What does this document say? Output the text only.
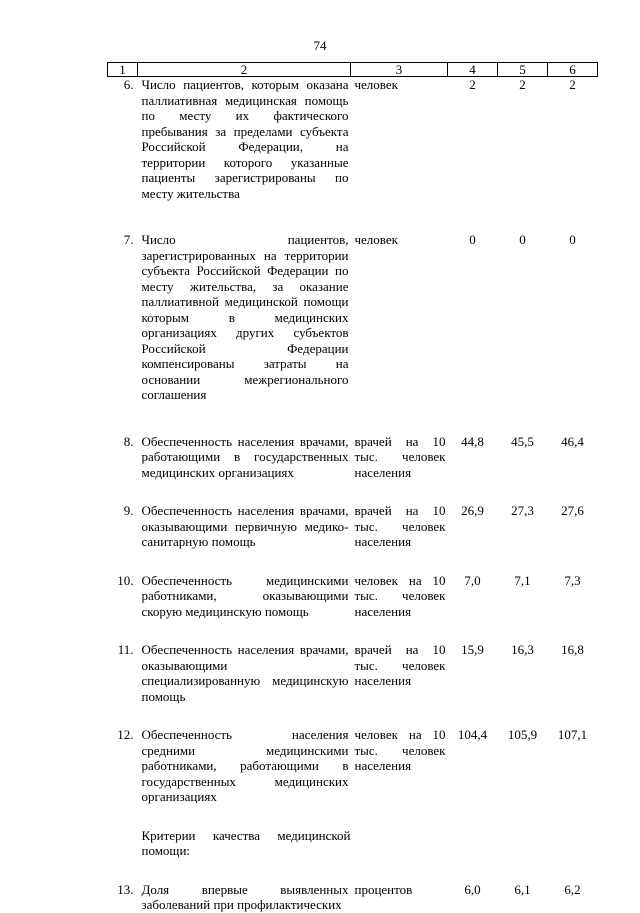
74
1	2	3	4	5	6
6.	Число пациентов, которым оказана паллиативная медицинская помощь по месту их фактического пребывания за пределами субъекта Российской Федерации, на территории которого указанные пациенты зарегистрированы по месту жительства	человек	2	2	2
7.	Число пациентов, зарегистрированных на территории субъекта Российской Федерации по месту жительства, за оказание паллиативной медицинской помощи которым в медицинских организациях других субъектов Российской Федерации компенсированы затраты на основании межрегионального соглашения	человек	0	0	0
8.	Обеспеченность населения врачами, работающими в государственных медицинских организациях	врачей на 10 тыс. человек населения	44,8	45,5	46,4
9.	Обеспеченность населения врачами, оказывающими первичную медико-санитарную помощь	врачей на 10 тыс. человек населения	26,9	27,3	27,6
10.	Обеспеченность медицинскими работниками, оказывающими скорую медицинскую помощь	человек на 10 тыс. человек населения	7,0	7,1	7,3
11.	Обеспеченность населения врачами, оказывающими специализированную медицинскую помощь	врачей на 10 тыс. человек населения	15,9	16,3	16,8
12.	Обеспеченность населения средними медицинскими работниками, работающими в государственных медицинских организациях	человек на 10 тыс. человек населения	104,4	105,9	107,1
	Критерии качества медицинской помощи:				
13.	Доля впервые выявленных заболеваний при профилактических	процентов	6,0	6,1	6,2
